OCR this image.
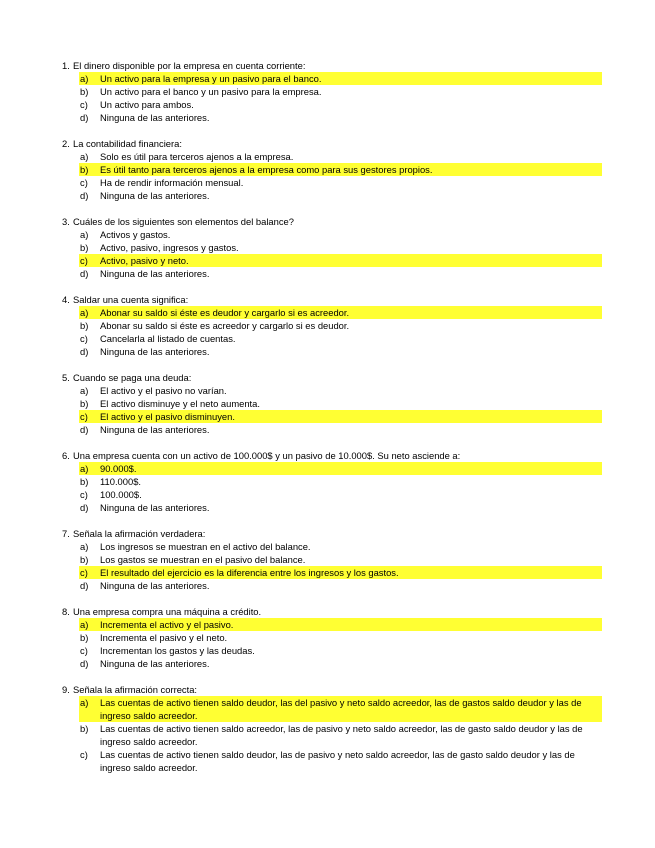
1. El dinero disponible por la empresa en cuenta corriente:
a)	Un activo para la empresa y un pasivo para el banco.
b)	Un activo para el banco y un pasivo para la empresa.
c)	Un activo para ambos.
d)	Ninguna de las anteriores.
2. La contabilidad financiera:
a)	Solo es útil para terceros ajenos a la empresa.
b)	Es útil tanto para terceros ajenos a la empresa como para sus gestores propios.
c)	Ha de rendir información mensual.
d)	Ninguna de las anteriores.
3. Cuáles de los siguientes son elementos del balance?
a)	Activos y gastos.
b)	Activo, pasivo, ingresos y gastos.
c)	Activo, pasivo y neto.
d)	Ninguna de las anteriores.
4. Saldar una cuenta significa:
a)	Abonar su saldo si éste es deudor y cargarlo si es acreedor.
b)	Abonar su saldo si éste es acreedor y cargarlo si es deudor.
c)	Cancelarla al listado de cuentas.
d)	Ninguna de las anteriores.
5. Cuando se paga una deuda:
a)	El activo y el pasivo no varían.
b)	El activo disminuye y el neto aumenta.
c)	El activo y el pasivo disminuyen.
d)	Ninguna de las anteriores.
6. Una empresa cuenta con un activo de 100.000$ y un pasivo de 10.000$. Su neto asciende a:
a)	90.000$.
b)	110.000$.
c)	100.000$.
d)	Ninguna de las anteriores.
7. Señala la afirmación verdadera:
a)	Los ingresos se muestran en el activo del balance.
b)	Los gastos se muestran en el pasivo del balance.
c)	El resultado del ejercicio es la diferencia entre los ingresos y los gastos.
d)	Ninguna de las anteriores.
8. Una empresa compra una máquina a crédito.
a)	Incrementa el activo y el pasivo.
b)	Incrementa el pasivo y el neto.
c)	Incrementan los gastos y las deudas.
d)	Ninguna de las anteriores.
9. Señala la afirmación correcta:
a)	Las cuentas de activo tienen saldo deudor, las del pasivo y neto saldo acreedor, las de gastos saldo deudor y las de ingreso saldo acreedor.
b)	Las cuentas de activo tienen saldo acreedor, las de pasivo y neto saldo acreedor, las de gasto saldo deudor y las de ingreso saldo acreedor.
c)	Las cuentas de activo tienen saldo deudor, las de pasivo y neto saldo acreedor, las de gasto saldo deudor y las de ingreso saldo acreedor.
